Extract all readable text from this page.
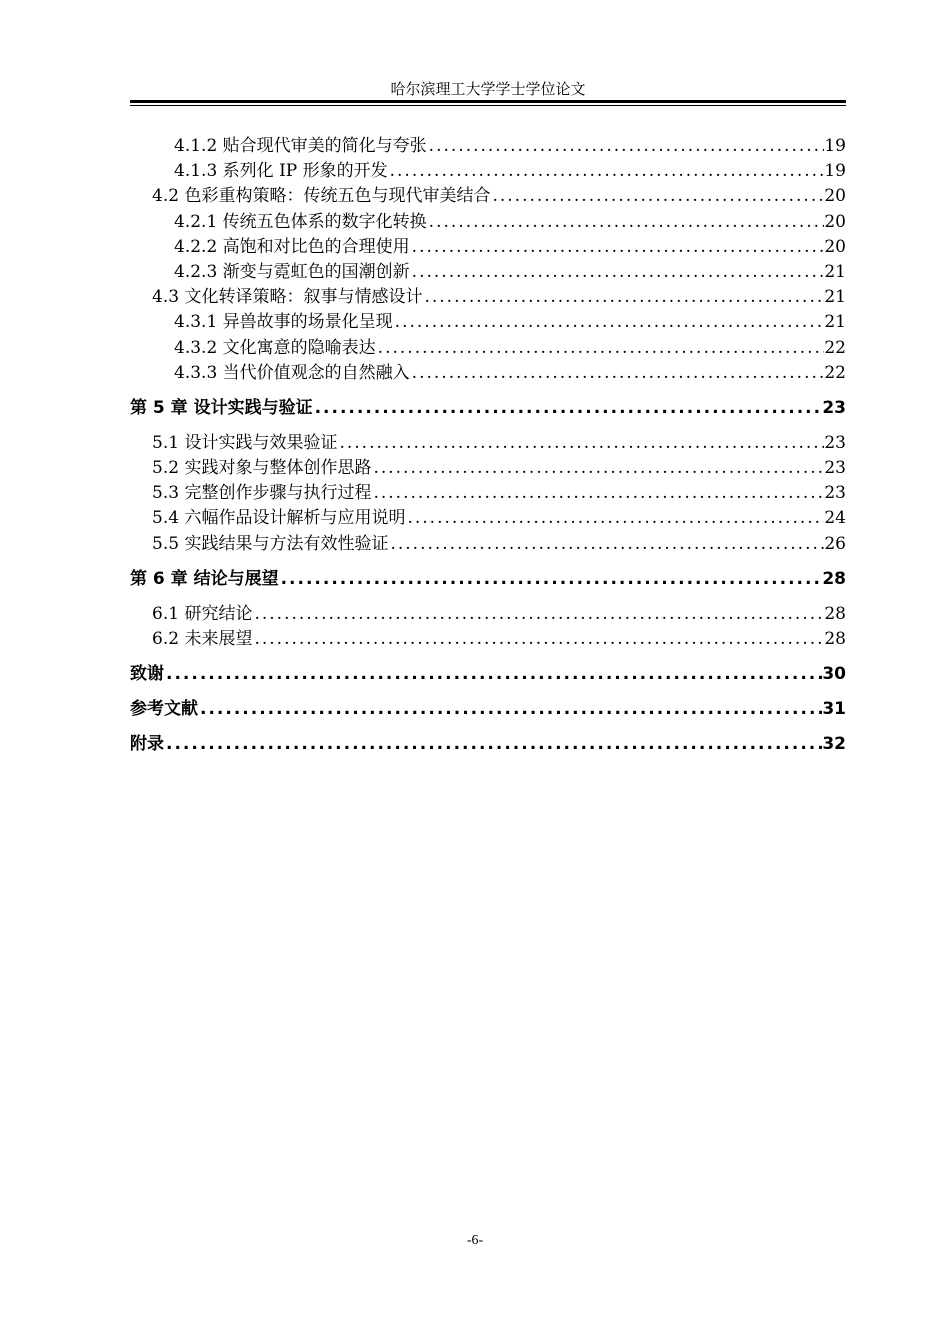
哈尔滨理工大学学士学位论文
4.1.2 贴合现代审美的简化与夸张 .....	19
4.1.3 系列化 IP 形象的开发 .....	19
4.2 色彩重构策略：传统五色与现代审美结合 .....	20
4.2.1 传统五色体系的数字化转换 .....	20
4.2.2 高饱和对比色的合理使用 .....	20
4.2.3 渐变与霓虹色的国潮创新 .....	21
4.3 文化转译策略：叙事与情感设计 .....	21
4.3.1 异兽故事的场景化呈现 .....	21
4.3.2 文化寓意的隐喻表达 .....	22
4.3.3 当代价值观念的自然融入 .....	22
第 5 章 设计实践与验证 .....	23
5.1 设计实践与效果验证 .....	23
5.2 实践对象与整体创作思路 .....	23
5.3 完整创作步骤与执行过程 .....	23
5.4 六幅作品设计解析与应用说明 .....	24
5.5 实践结果与方法有效性验证 .....	26
第 6 章 结论与展望 .....	28
6.1 研究结论 .....	28
6.2 未来展望 .....	28
致谢 .....	30
参考文献 .....	31
附录 .....	32
-6-
